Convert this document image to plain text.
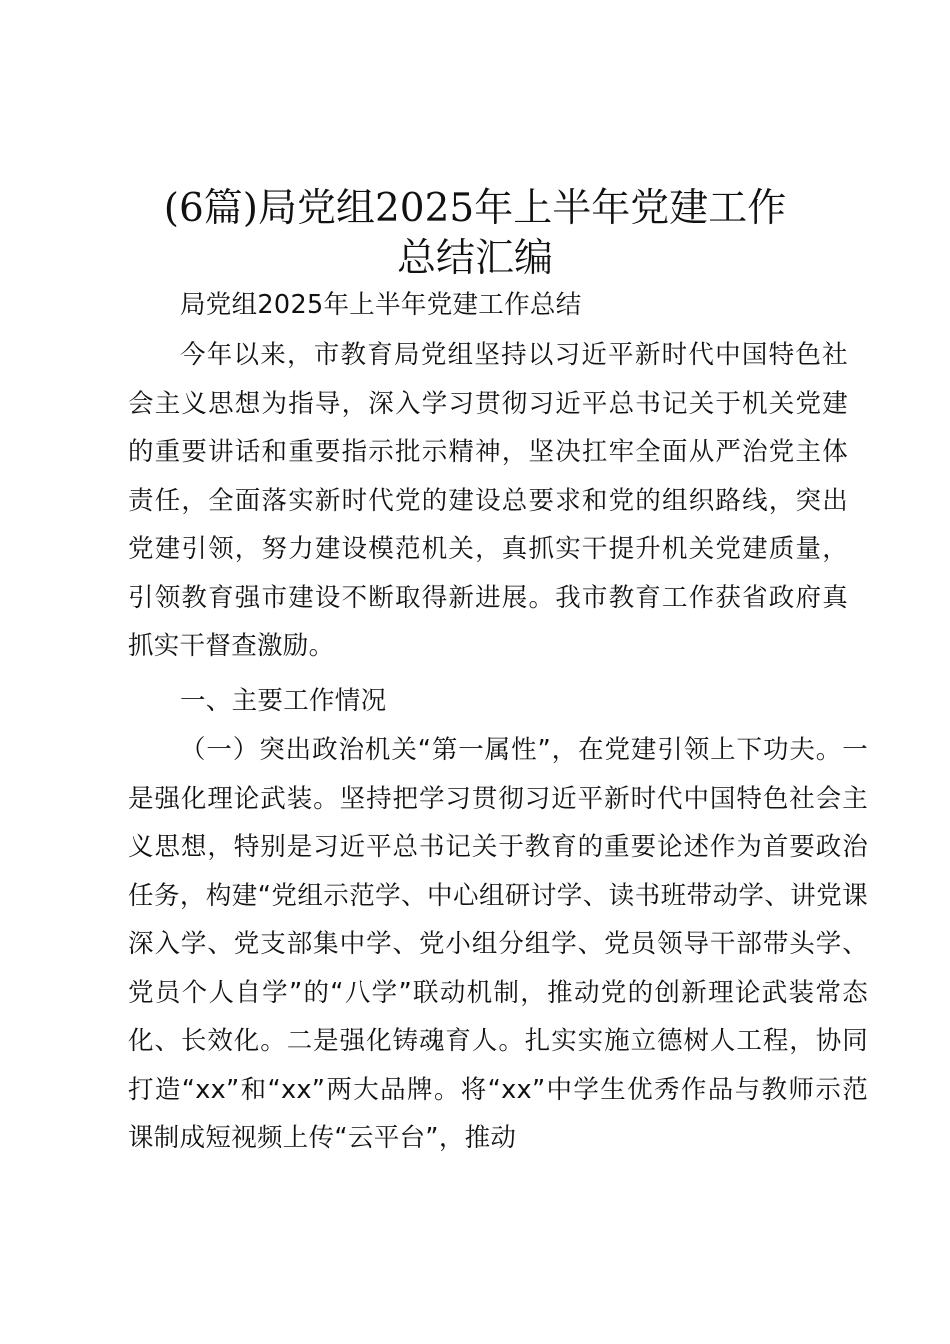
(6篇)局党组2025年上半年党建工作
总结汇编

局党组2025年上半年党建工作总结

今年以来，市教育局党组坚持以习近平新时代中国特色社会主义思想为指导，深入学习贯彻习近平总书记关于机关党建的重要讲话和重要指示批示精神，坚决扛牢全面从严治党主体责任，全面落实新时代党的建设总要求和党的组织路线，突出党建引领，努力建设模范机关，真抓实干提升机关党建质量，引领教育强市建设不断取得新进展。我市教育工作获省政府真抓实干督查激励。

一、主要工作情况

（一）突出政治机关“第一属性”，在党建引领上下功夫。一是强化理论武装。坚持把学习贯彻习近平新时代中国特色社会主义思想，特别是习近平总书记关于教育的重要论述作为首要政治任务，构建“党组示范学、中心组研讨学、读书班带动学、讲党课深入学、党支部集中学、党小组分组学、党员领导干部带头学、党员个人自学”的“八学”联动机制，推动党的创新理论武装常态化、长效化。二是强化铸魂育人。扎实实施立德树人工程，协同打造“xx”和“xx”两大品牌。将“xx”中学生优秀作品与教师示范课制成短视频上传“云平台”，推动
